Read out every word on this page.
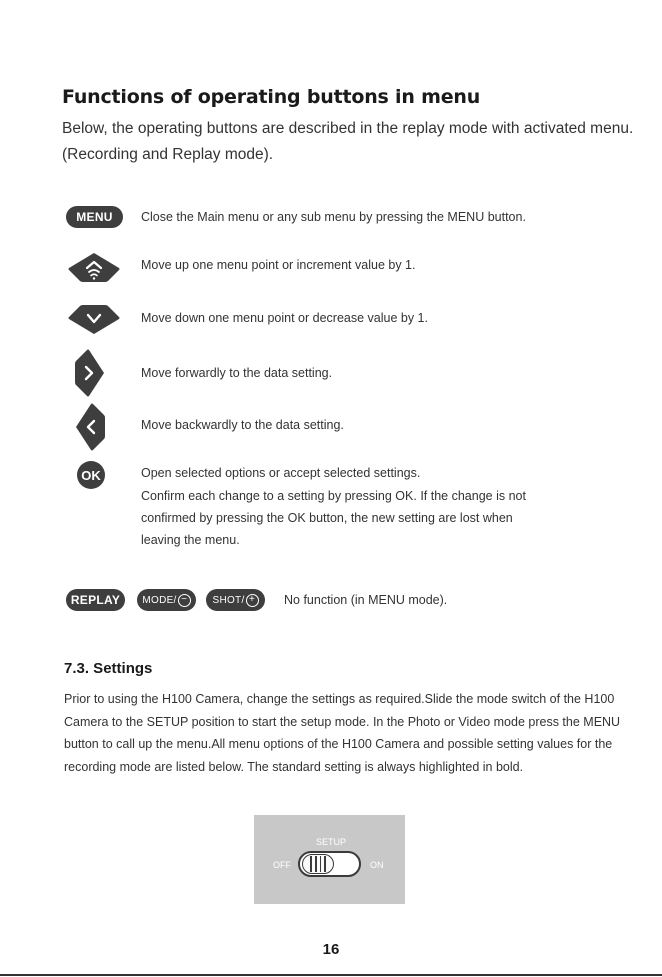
Functions of operating buttons in menu

Below, the operating buttons are described in the replay mode with activated menu. (Recording and Replay mode).

MENU Close the Main menu or any sub menu by pressing the MENU button.

Move up one menu point or increment value by 1.

Move down one menu point or decrease value by 1.

Move forwardly to the data setting.

Move backwardly to the data setting.

OK	Open selected options or accept selected settings.

Confirm each change to a setting by pressing OK. If the change is not

confirmed by pressing the OK button, the new setting are lost when

leaving the menu.

REPLAY MODE/ −	SHOT/ + No function (in MENU mode).

7.3. Settings

Prior to using the H100 Camera, change the settings as required.Slide the mode switch of the H100 Camera to the SETUP position to start the setup mode. In the Photo or Video mode press the MENU button to call up the menu.All menu options of the H100 Camera and possible setting values for the recording mode are listed below. The standard setting is always highlighted in bold.

SETUP
OFF	ON
16
